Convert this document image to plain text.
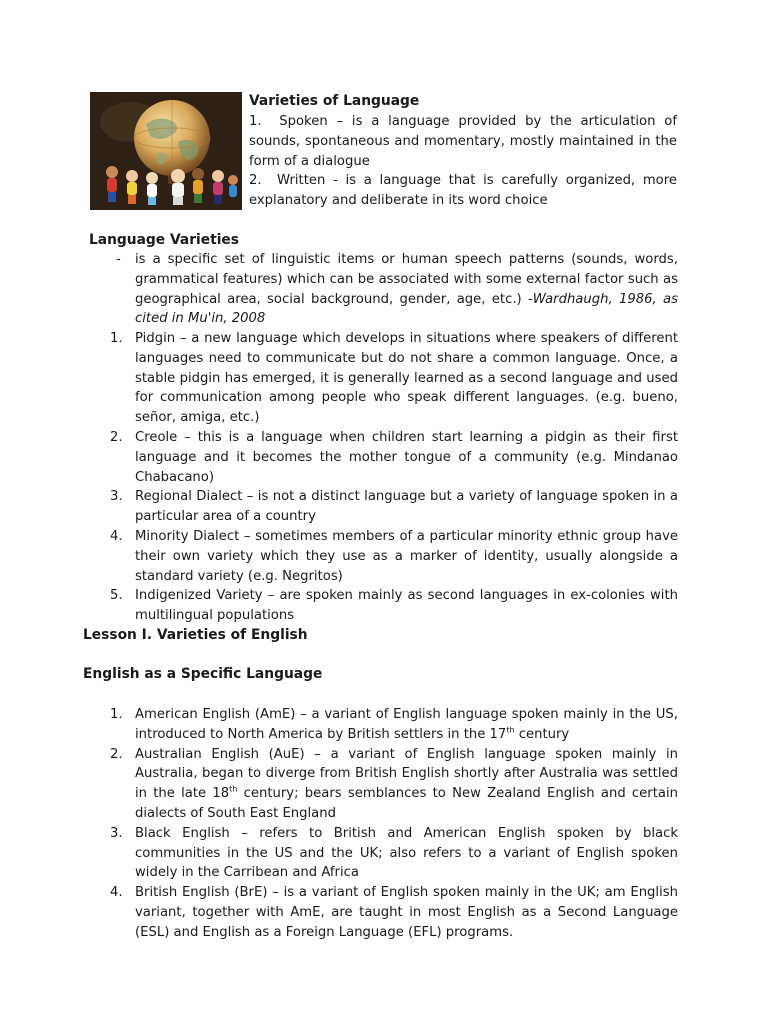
Varieties of Language
1. Spoken – is a language provided by the articulation of sounds, spontaneous and momentary, mostly maintained in the form of a dialogue
2. Written - is a language that is carefully organized, more explanatory and deliberate in its word choice
Language Varieties
- is a specific set of linguistic items or human speech patterns (sounds, words, grammatical features) which can be associated with some external factor such as geographical area, social background, gender, age, etc.) -Wardhaugh, 1986, as cited in Mu'in, 2008
1. Pidgin – a new language which develops in situations where speakers of different languages need to communicate but do not share a common language. Once, a stable pidgin has emerged, it is generally learned as a second language and used for communication among people who speak different languages. (e.g. bueno, señor, amiga, etc.)
2. Creole – this is a language when children start learning a pidgin as their first language and it becomes the mother tongue of a community (e.g. Mindanao Chabacano)
3. Regional Dialect – is not a distinct language but a variety of language spoken in a particular area of a country
4. Minority Dialect – sometimes members of a particular minority ethnic group have their own variety which they use as a marker of identity, usually alongside a standard variety (e.g. Negritos)
5. Indigenized Variety – are spoken mainly as second languages in ex-colonies with multilingual populations
Lesson I. Varieties of English
English as a Specific Language
1. American English (AmE) – a variant of English language spoken mainly in the US, introduced to North America by British settlers in the 17th century
2. Australian English (AuE) – a variant of English language spoken mainly in Australia, began to diverge from British English shortly after Australia was settled in the late 18th century; bears semblances to New Zealand English and certain dialects of South East England
3. Black English – refers to British and American English spoken by black communities in the US and the UK; also refers to a variant of English spoken widely in the Carribean and Africa
4. British English (BrE) – is a variant of English spoken mainly in the UK; am English variant, together with AmE, are taught in most English as a Second Language (ESL) and English as a Foreign Language (EFL) programs.
